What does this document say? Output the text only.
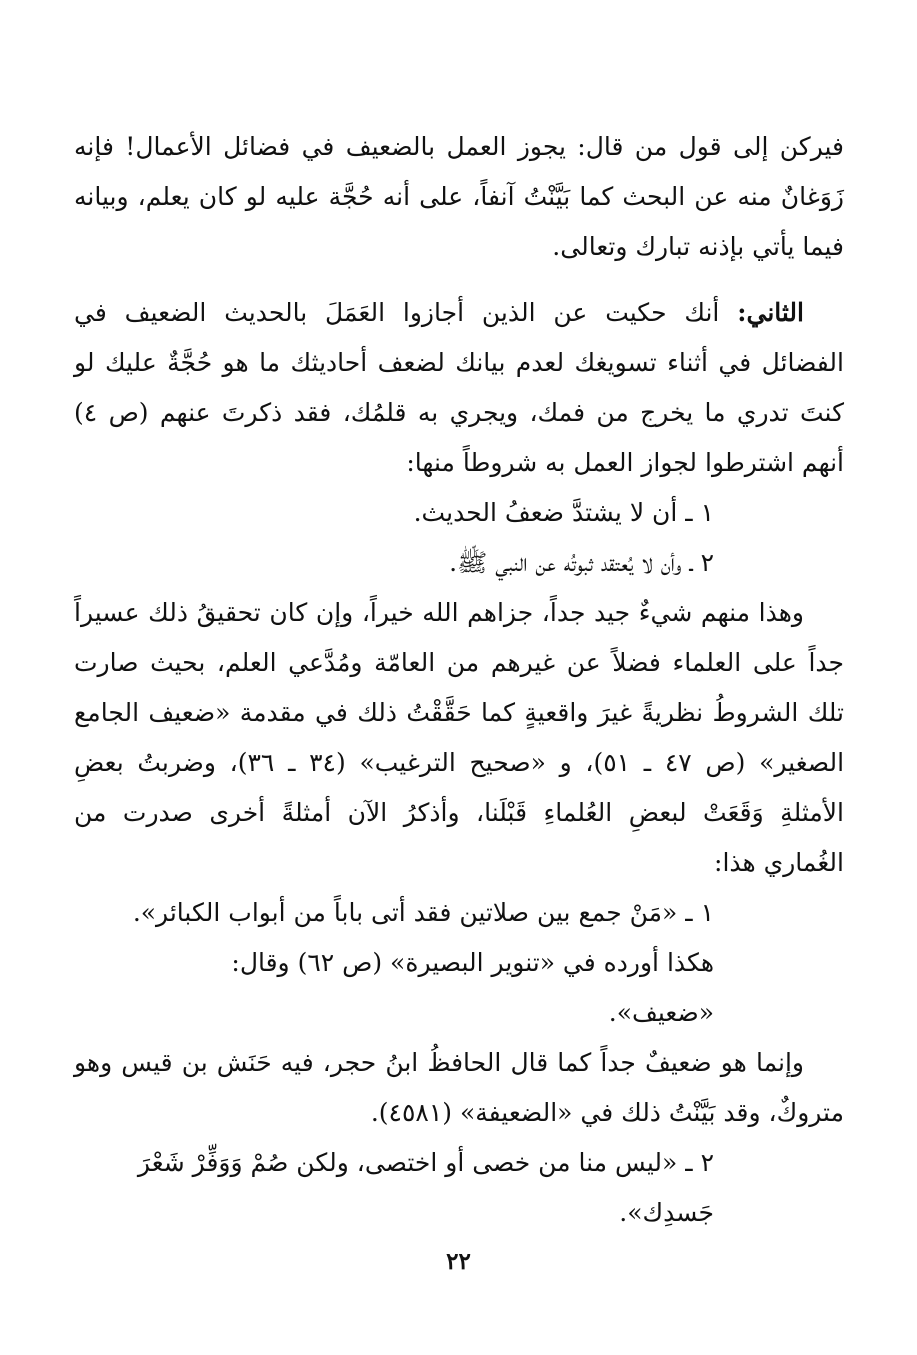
فيركن إلى قول من قال: يجوز العمل بالضعيف في فضائل الأعمال! فإنه زَوَغانٌ منه عن البحث كما بَيَّنْتُ آنفاً، على أنه حُجَّة عليه لو كان يعلم، وبيانه فيما يأتي بإذنه تبارك وتعالى.

الثاني: أنك حكيت عن الذين أجازوا العَمَلَ بالحديث الضعيف في الفضائل في أثناء تسويغك لعدم بيانك لضعف أحاديثك ما هو حُجَّةٌ عليك لو كنتَ تدري ما يخرج من فمك، ويجري به قلمُك، فقد ذكرتَ عنهم (ص ٤) أنهم اشترطوا لجواز العمل به شروطاً منها:

١ ـ أن لا يشتدَّ ضعفُ الحديث.

٢ ـ وأن لا يُعتقد ثبوتُه عن النبي ﷺ.

وهذا منهم شيءٌ جيد جداً، جزاهم الله خيراً، وإن كان تحقيقُ ذلك عسيراً جداً على العلماء فضلاً عن غيرهم من العامّة ومُدَّعي العلم، بحيث صارت تلك الشروطُ نظريةً غيرَ واقعيةٍ كما حَقَّقْتُ ذلك في مقدمة «ضعيف الجامع الصغير» (ص ٤٧ ـ ٥١)، و «صحيح الترغيب» (٣٤ ـ ٣٦)، وضربتُ بعضِ الأمثلةِ وَقَعَتْ لبعضِ العُلماءِ قَبْلَنا، وأذكرُ الآن أمثلةً أخرى صدرت من الغُماري هذا:

١ ـ «مَنْ جمع بين صلاتين فقد أتى باباً من أبواب الكبائر».

هكذا أورده في «تنوير البصيرة» (ص ٦٢) وقال:

«ضعيف».

وإنما هو ضعيفٌ جداً كما قال الحافظُ ابنُ حجر، فيه حَنَش بن قيس وهو متروكٌ، وقد بَيَّنْتُ ذلك في «الضعيفة» (٤٥٨١).

٢ ـ «ليس منا من خصى أو اختصى، ولكن صُمْ وَوَفِّرْ شَعْرَ جَسدِك».

٢٢
